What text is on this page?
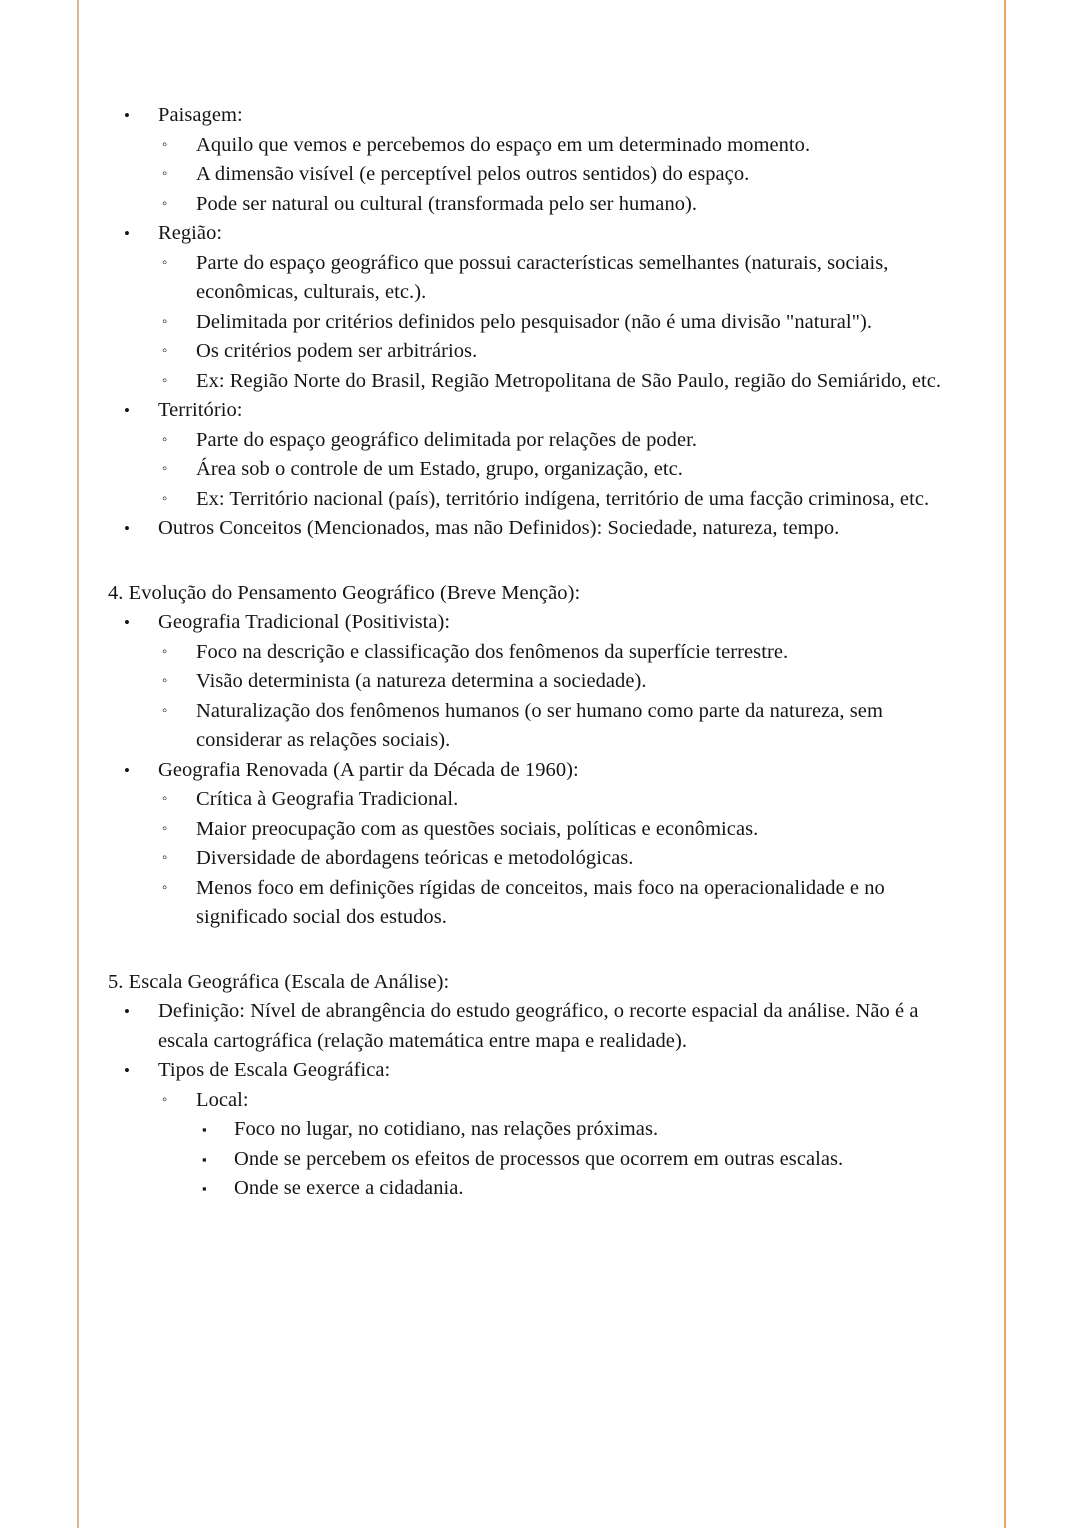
• Paisagem:
◦ Aquilo que vemos e percebemos do espaço em um determinado momento.
◦ A dimensão visível (e perceptível pelos outros sentidos) do espaço.
◦ Pode ser natural ou cultural (transformada pelo ser humano).
• Região:
◦ Parte do espaço geográfico que possui características semelhantes (naturais, sociais, econômicas, culturais, etc.).
◦ Delimitada por critérios definidos pelo pesquisador (não é uma divisão "natural").
◦ Os critérios podem ser arbitrários.
◦ Ex: Região Norte do Brasil, Região Metropolitana de São Paulo, região do Semiárido, etc.
• Território:
◦ Parte do espaço geográfico delimitada por relações de poder.
◦ Área sob o controle de um Estado, grupo, organização, etc.
◦ Ex: Território nacional (país), território indígena, território de uma facção criminosa, etc.
• Outros Conceitos (Mencionados, mas não Definidos): Sociedade, natureza, tempo.
4. Evolução do Pensamento Geográfico (Breve Menção):
• Geografia Tradicional (Positivista):
◦ Foco na descrição e classificação dos fenômenos da superfície terrestre.
◦ Visão determinista (a natureza determina a sociedade).
◦ Naturalização dos fenômenos humanos (o ser humano como parte da natureza, sem considerar as relações sociais).
• Geografia Renovada (A partir da Década de 1960):
◦ Crítica à Geografia Tradicional.
◦ Maior preocupação com as questões sociais, políticas e econômicas.
◦ Diversidade de abordagens teóricas e metodológicas.
◦ Menos foco em definições rígidas de conceitos, mais foco na operacionalidade e no significado social dos estudos.
5. Escala Geográfica (Escala de Análise):
• Definição: Nível de abrangência do estudo geográfico, o recorte espacial da análise. Não é a escala cartográfica (relação matemática entre mapa e realidade).
• Tipos de Escala Geográfica:
◦ Local:
▪ Foco no lugar, no cotidiano, nas relações próximas.
▪ Onde se percebem os efeitos de processos que ocorrem em outras escalas.
▪ Onde se exerce a cidadania.
